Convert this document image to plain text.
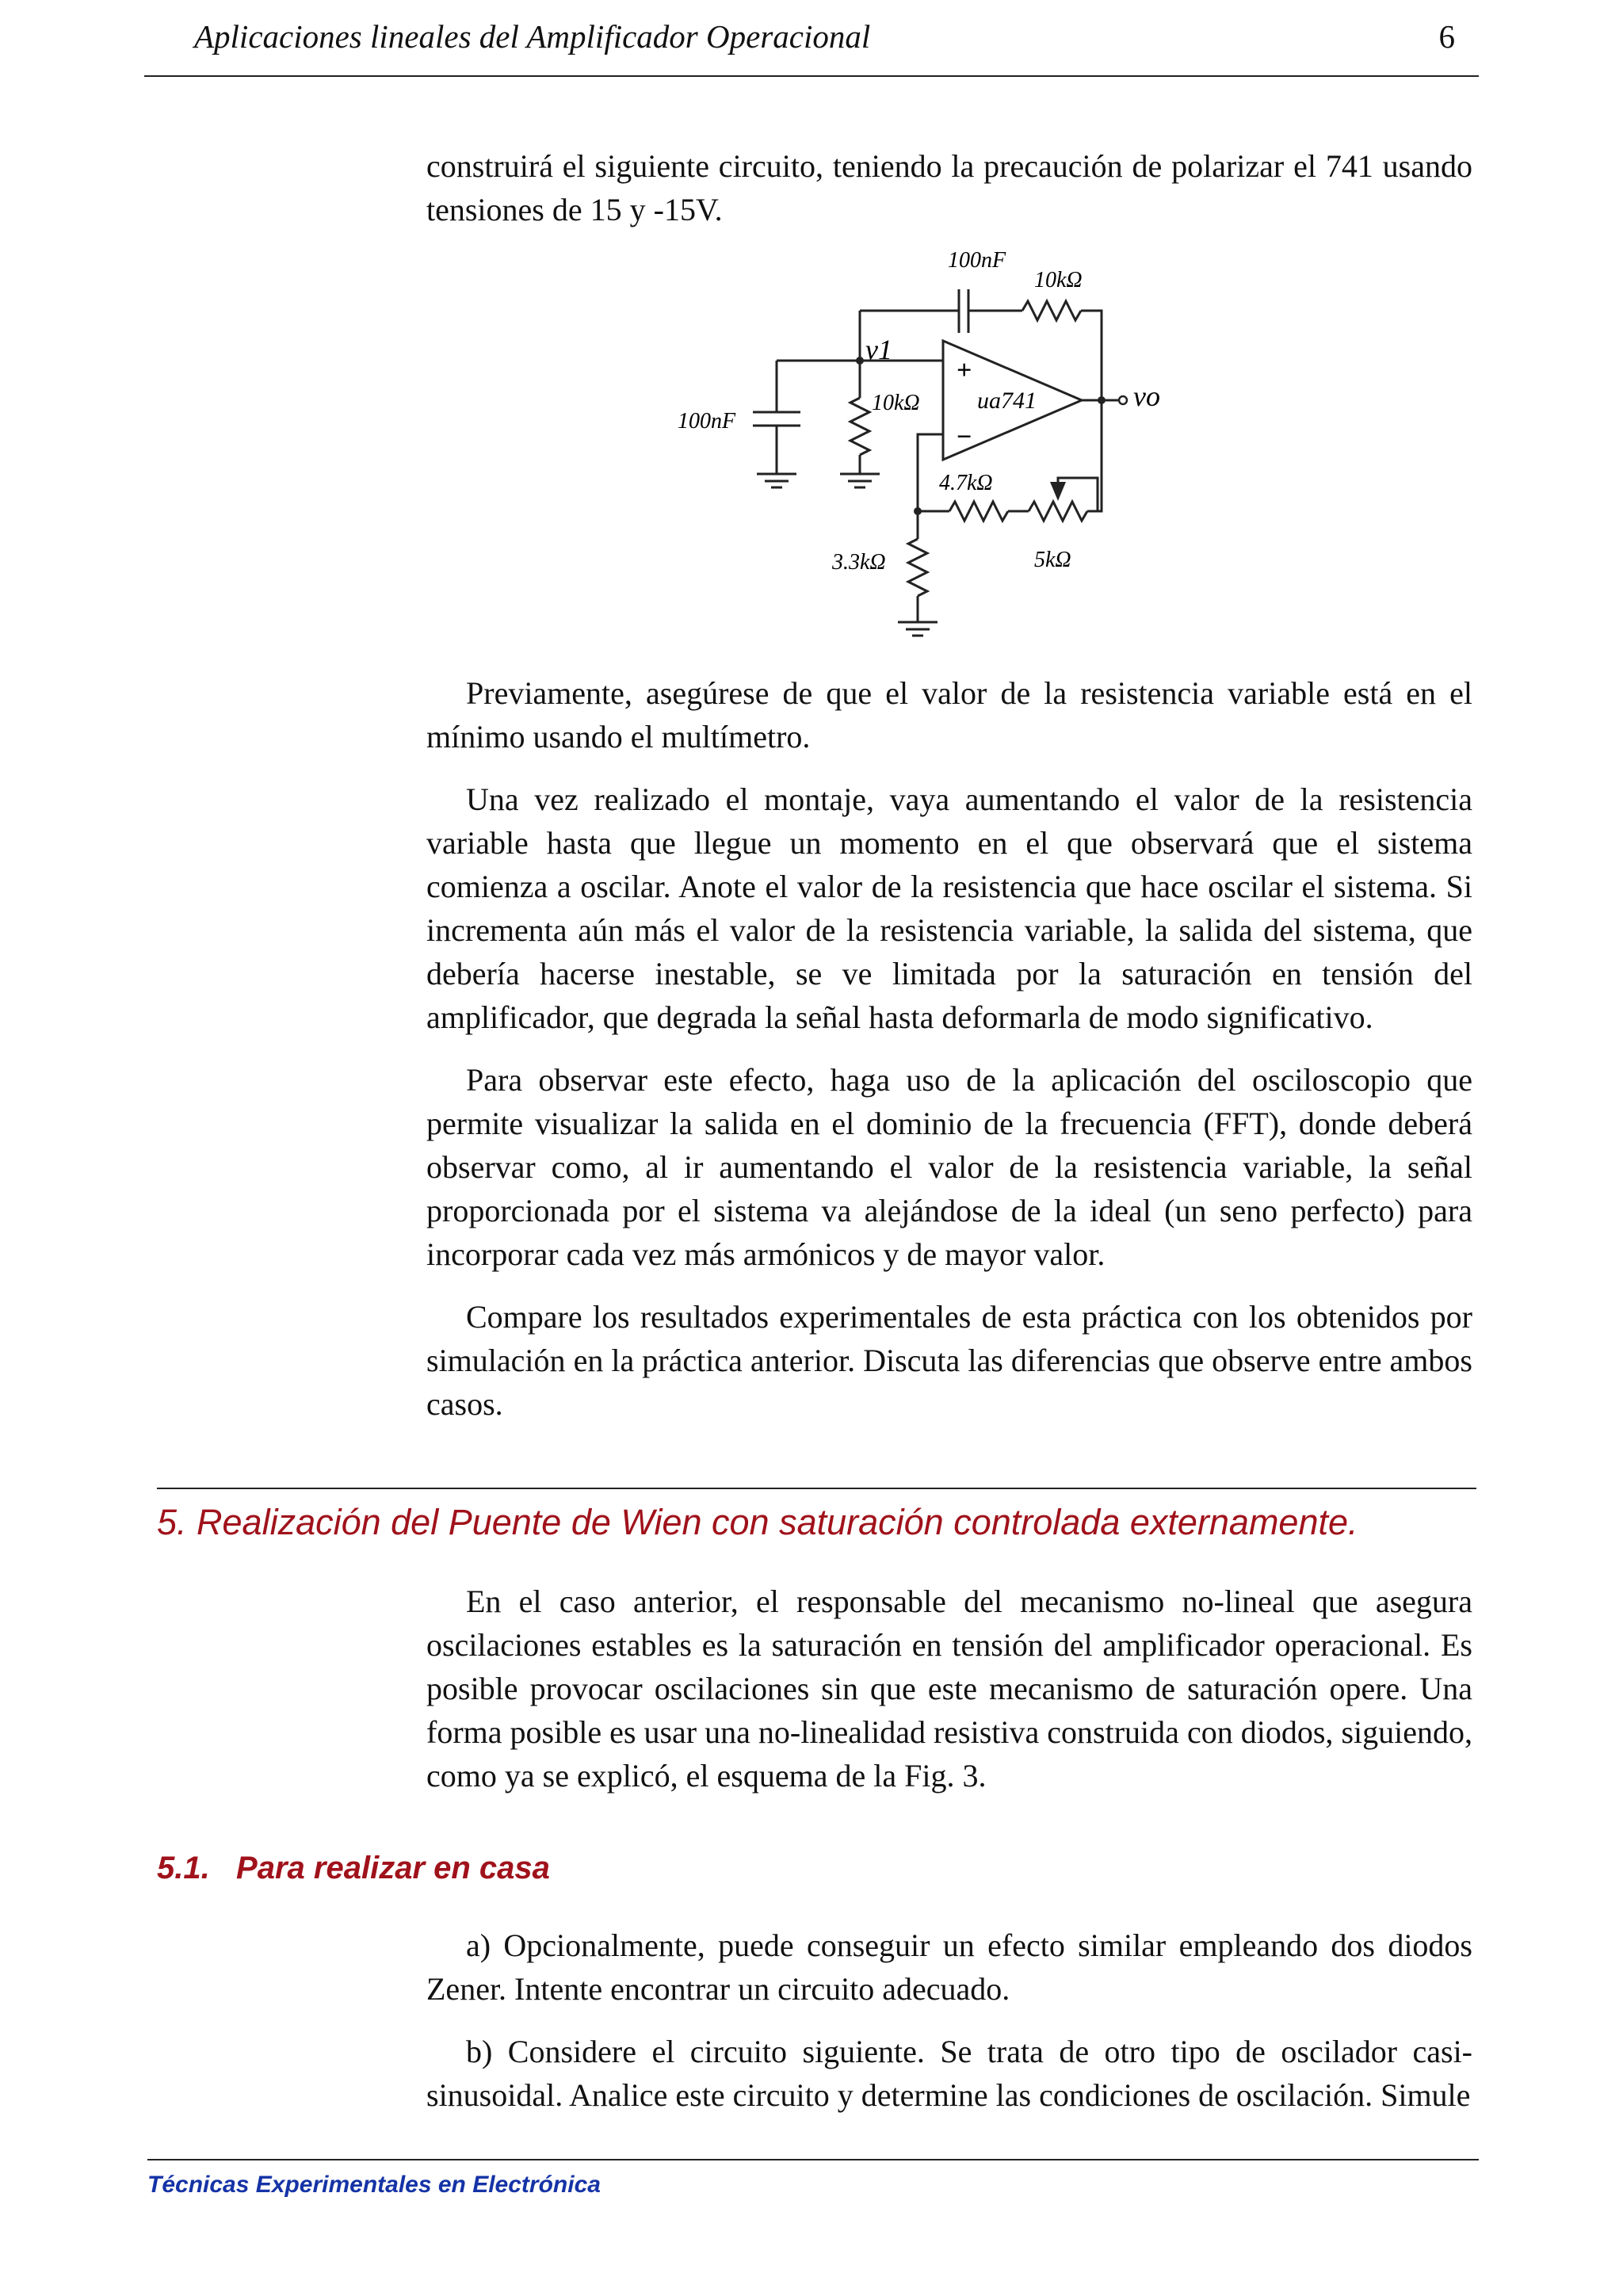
Aplicaciones lineales del Amplificador Operacional	6

construirá el siguiente circuito, teniendo la precaución de polarizar el 741 usando tensiones de 15 y -15V.

100nF
10kΩ
v1
100nF
10kΩ ua741
+
−
vo
4.7kΩ
3.3kΩ	5kΩ

Previamente, asegúrese de que el valor de la resistencia variable está en el mínimo usando el multímetro.

Una vez realizado el montaje, vaya aumentando el valor de la resistencia variable hasta que llegue un momento en el que observará que el sistema comienza a oscilar. Anote el valor de la resistencia que hace oscilar el sistema. Si incrementa aún más el valor de la resistencia variable, la salida del sistema, que debería hacerse inestable, se ve limitada por la saturación en tensión del amplificador, que degrada la señal hasta deformarla de modo significativo.

Para observar este efecto, haga uso de la aplicación del osciloscopio que permite visualizar la salida en el dominio de la frecuencia (FFT), donde deberá observar como, al ir aumentando el valor de la resistencia variable, la señal proporcionada por el sistema va alejándose de la ideal (un seno perfecto) para incorporar cada vez más armónicos y de mayor valor.

Compare los resultados experimentales de esta práctica con los obtenidos por simulación en la práctica anterior. Discuta las diferencias que observe entre ambos casos.

5. Realización del Puente de Wien con saturación controlada externamente.

En el caso anterior, el responsable del mecanismo no-lineal que asegura oscilaciones estables es la saturación en tensión del amplificador operacional. Es posible provocar oscilaciones sin que este mecanismo de saturación opere. Una forma posible es usar una no-linealidad resistiva construida con diodos, siguiendo, como ya se explicó, el esquema de la Fig. 3.

5.1.   Para realizar en casa

a) Opcionalmente, puede conseguir un efecto similar empleando dos diodos Zener. Intente encontrar un circuito adecuado.

b) Considere el circuito siguiente. Se trata de otro tipo de oscilador casi-sinusoidal. Analice este circuito y determine las condiciones de oscilación. Simule

Técnicas Experimentales en Electrónica
